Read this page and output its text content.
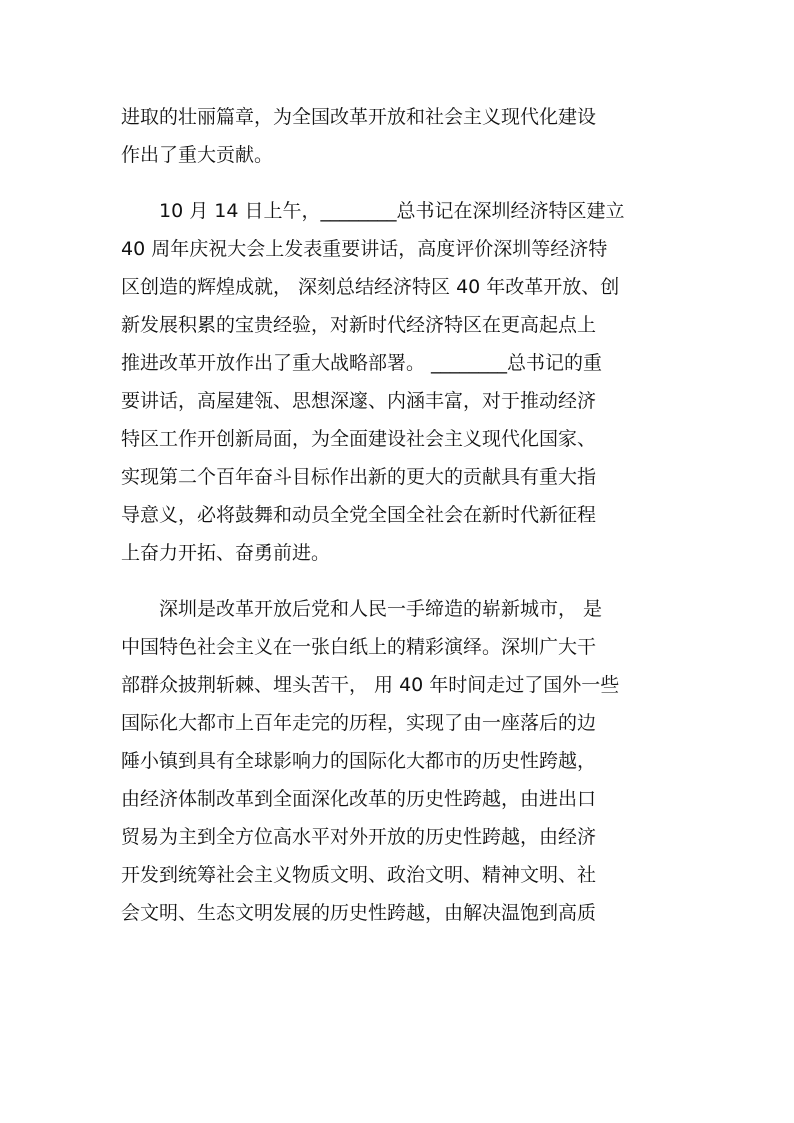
进取的壮丽篇章，为全国改革开放和社会主义现代化建设
作出了重大贡献。
　　10 月 14 日上午，________总书记在深圳经济特区建立
40 周年庆祝大会上发表重要讲话，高度评价深圳等经济特
区创造的辉煌成就， 深刻总结经济特区 40 年改革开放、创
新发展积累的宝贵经验，对新时代经济特区在更高起点上
推进改革开放作出了重大战略部署。 ________总书记的重
要讲话，高屋建瓴、思想深邃、内涵丰富，对于推动经济
特区工作开创新局面，为全面建设社会主义现代化国家、
实现第二个百年奋斗目标作出新的更大的贡献具有重大指
导意义，必将鼓舞和动员全党全国全社会在新时代新征程
上奋力开拓、奋勇前进。
　　深圳是改革开放后党和人民一手缔造的崭新城市， 是
中国特色社会主义在一张白纸上的精彩演绎。深圳广大干
部群众披荆斩棘、埋头苦干， 用 40 年时间走过了国外一些
国际化大都市上百年走完的历程，实现了由一座落后的边
陲小镇到具有全球影响力的国际化大都市的历史性跨越，
由经济体制改革到全面深化改革的历史性跨越，由进出口
贸易为主到全方位高水平对外开放的历史性跨越，由经济
开发到统筹社会主义物质文明、政治文明、精神文明、社
会文明、生态文明发展的历史性跨越，由解决温饱到高质
